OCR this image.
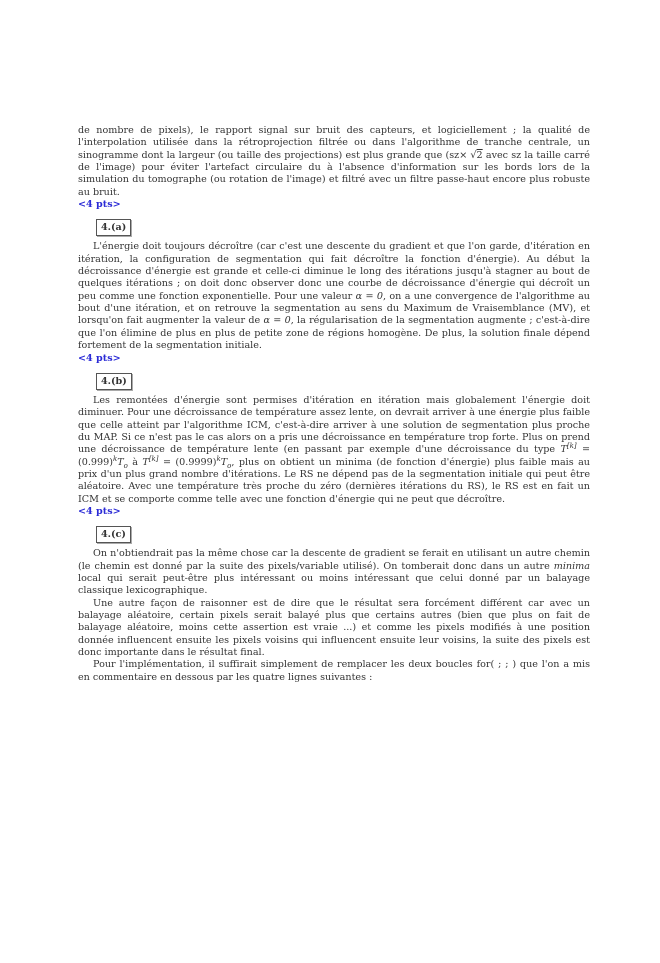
de nombre de pixels), le rapport signal sur bruit des capteurs, et logiciellement ; la qualité de l'interpolation utilisée dans la rétroprojection filtrée ou dans l'algorithme de tranche centrale, un sinogramme dont la largeur (ou taille des projections) est plus grande que (sz× √2 avec sz la taille carré de l'image) pour éviter l'artefact circulaire du à l'absence d'information sur les bords lors de la simulation du tomographe (ou rotation de l'image) et filtré avec un filtre passe-haut encore plus robuste au bruit.

<4 pts>

4.(a)

L'énergie doit toujours décroître (car c'est une descente du gradient et que l'on garde, d'itération en itération, la configuration de segmentation qui fait décroître la fonction d'énergie). Au début la décroissance d'énergie est grande et celle-ci diminue le long des itérations jusqu'à stagner au bout de quelques itérations ; on doit donc observer donc une courbe de décroissance d'énergie qui décroît un peu comme une fonction exponentielle. Pour une valeur α = 0, on a une convergence de l'algorithme au bout d'une itération, et on retrouve la segmentation au sens du Maximum de Vraisemblance (MV), et lorsqu'on fait augmenter la valeur de α = 0, la régularisation de la segmentation augmente ; c'est-à-dire que l'on élimine de plus en plus de petite zone de régions homogène. De plus, la solution finale dépend fortement de la segmentation initiale.

<4 pts>

4.(b)

Les remontées d'énergie sont permises d'itération en itération mais globalement l'énergie doit diminuer. Pour une décroissance de température assez lente, on devrait arriver à une énergie plus faible que celle atteint par l'algorithme ICM, c'est-à-dire arriver à une solution de segmentation plus proche du MAP. Si ce n'est pas le cas alors on a pris une décroissance en température trop forte. Plus on prend une décroissance de température lente (en passant par exemple d'une décroissance du type $T[k] = (0.999)^kT_o$ à $T[k] = (0.9999)^kT_o$, plus on obtient un minima (de fonction d'énergie) plus faible mais au prix d'un plus grand nombre d'itérations. Le RS ne dépend pas de la segmentation initiale qui peut être aléatoire. Avec une température très proche du zéro (dernières itérations du RS), le RS est en fait un ICM et se comporte comme telle avec une fonction d'énergie qui ne peut que décroître.

<4 pts>

4.(c)

On n'obtiendrait pas la même chose car la descente de gradient se ferait en utilisant un autre chemin (le chemin est donné par la suite des pixels/variable utilisé). On tomberait donc dans un autre minima local qui serait peut-être plus intéressant ou moins intéressant que celui donné par un balayage classique lexicographique.

Une autre façon de raisonner est de dire que le résultat sera forcément différent car avec un balayage aléatoire, certain pixels serait balayé plus que certains autres (bien que plus on fait de balayage aléatoire, moins cette assertion est vraie ...) et comme les pixels modifiés à une position donnée influencent ensuite les pixels voisins qui influencent ensuite leur voisins, la suite des pixels est donc importante dans le résultat final.

Pour l'implémentation, il suffirait simplement de remplacer les deux boucles for( ; ; ) que l'on a mis en commentaire en dessous par les quatre lignes suivantes :
